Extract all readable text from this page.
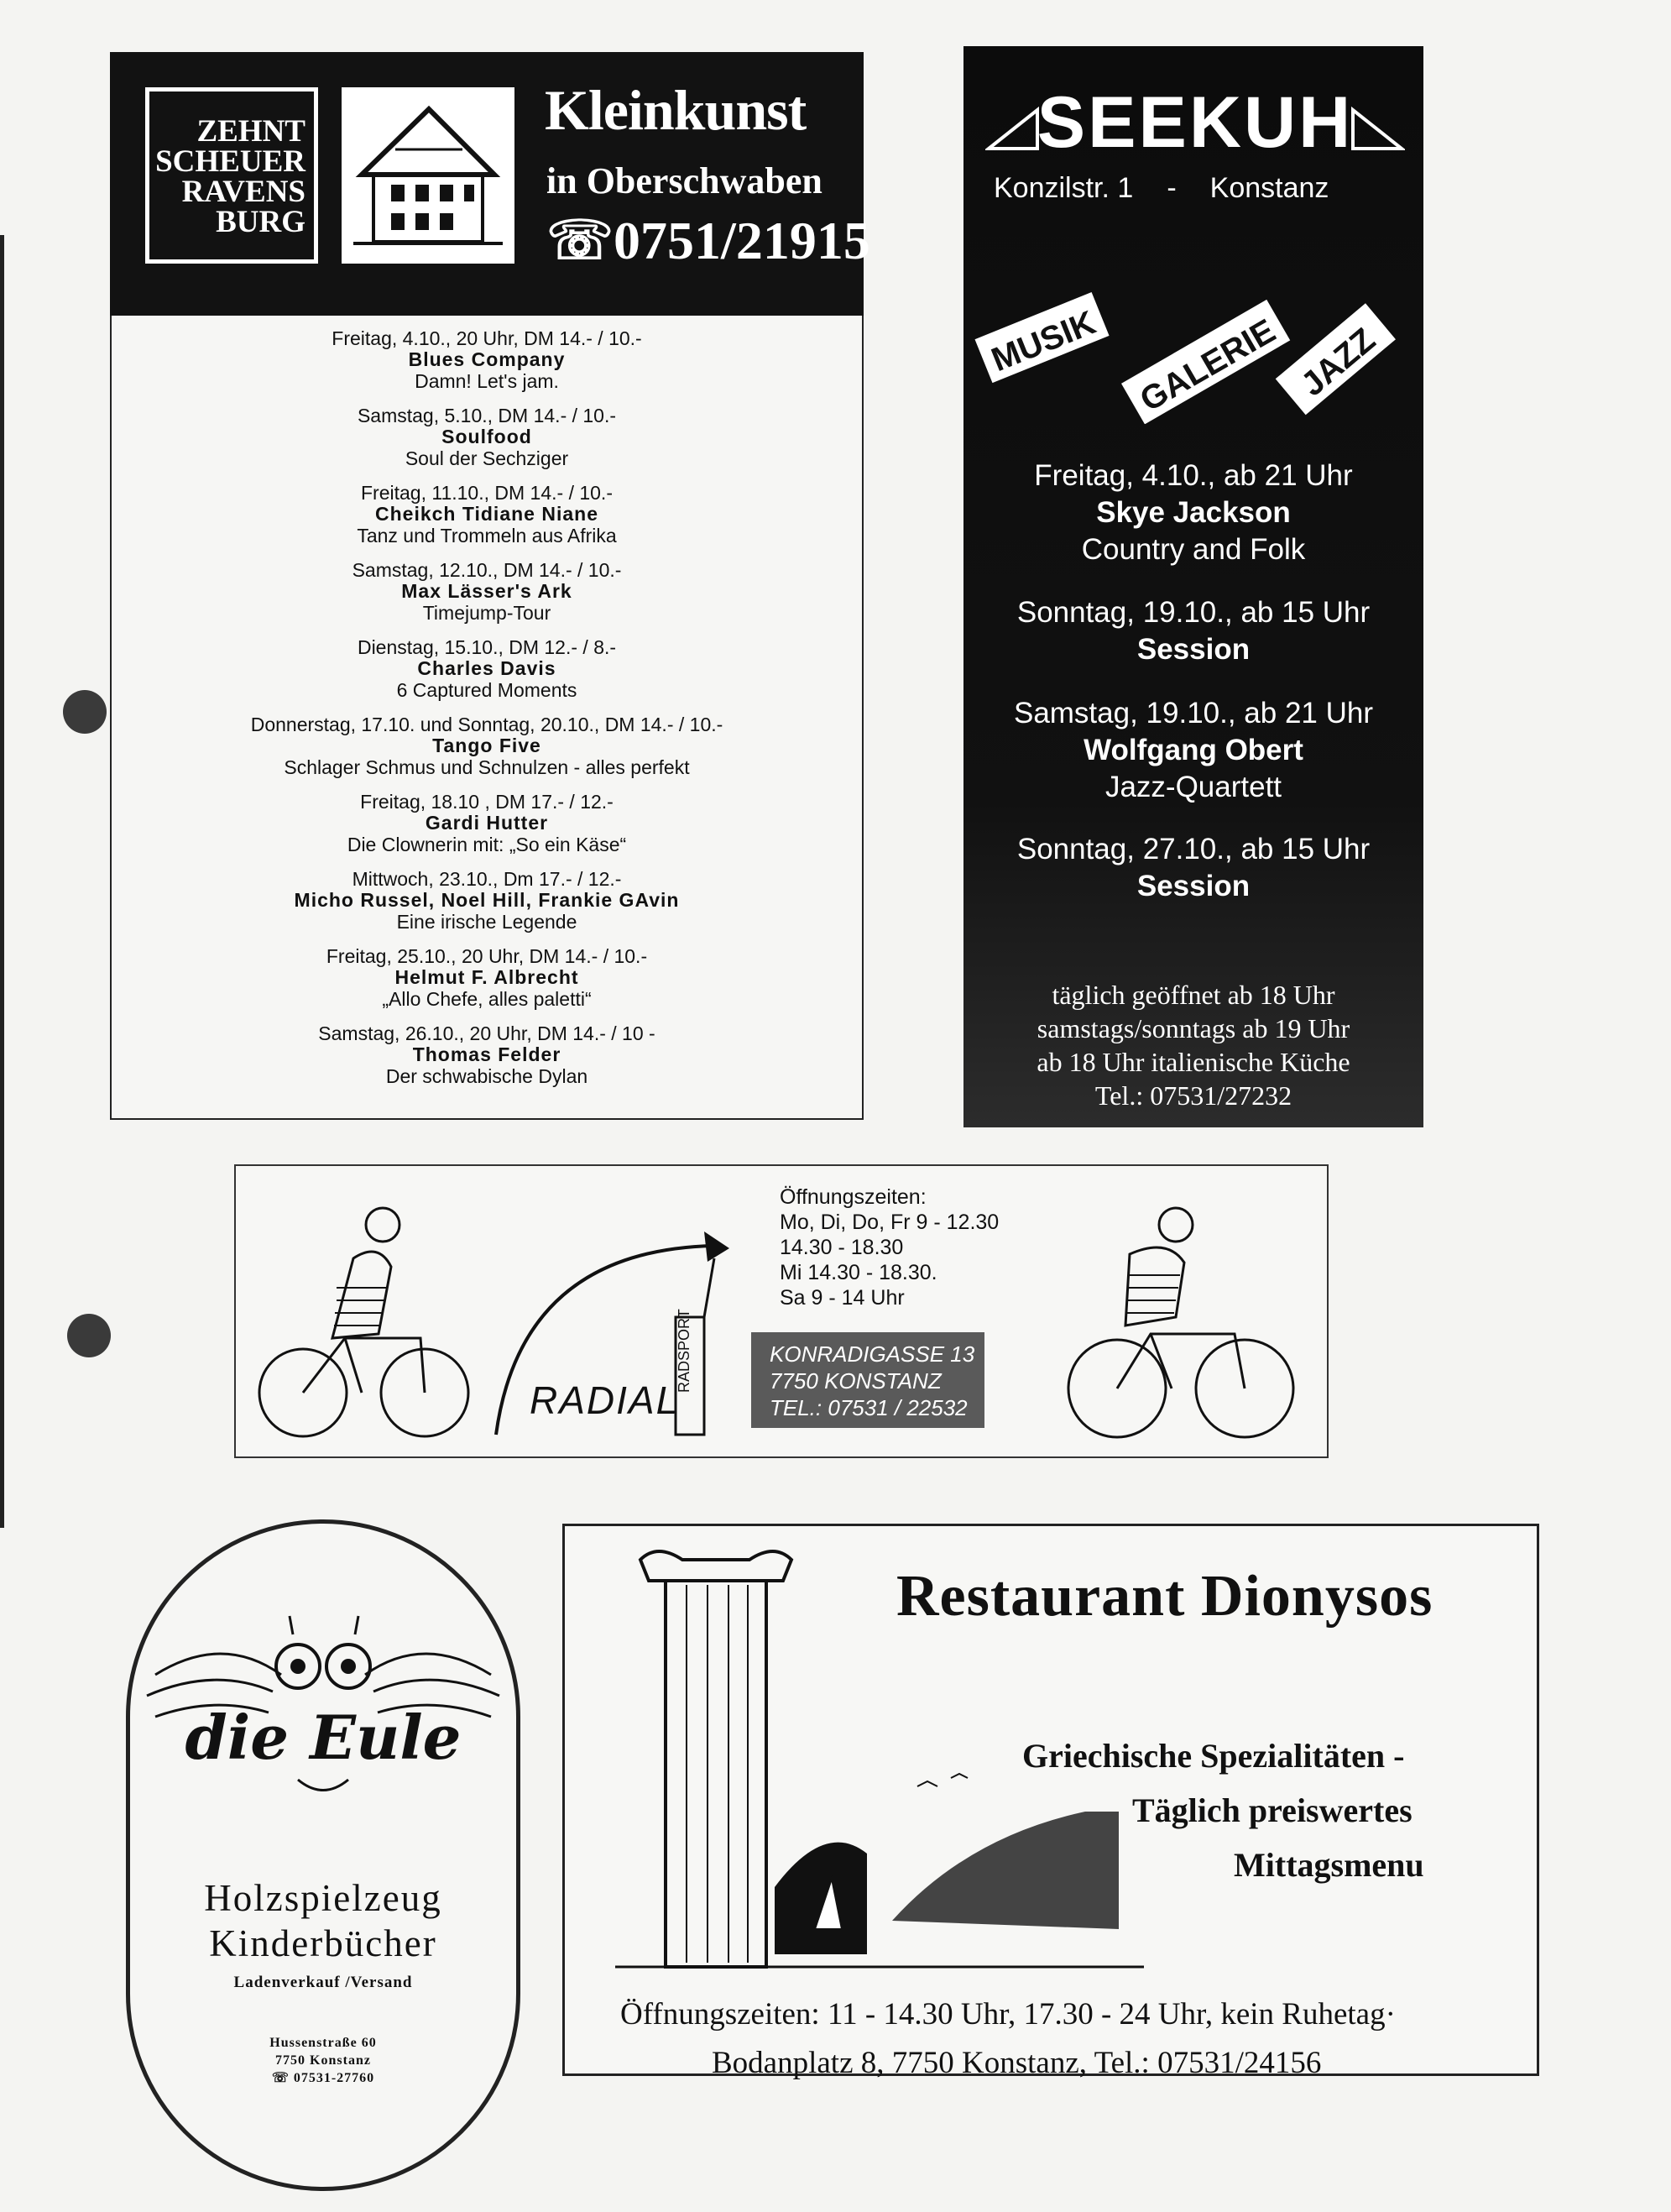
ZEHNT
SCHEUER
RAVENS
BURG
Kleinkunst
in Oberschwaben
☏0751/21915
Freitag, 4.10., 20 Uhr, DM 14.- / 10.-
Blues Company
Damn! Let's jam.
Samstag, 5.10., DM 14.- / 10.-
Soulfood
Soul der Sechziger
Freitag, 11.10., DM 14.- / 10.-
Cheikch Tidiane Niane
Tanz und Trommeln aus Afrika
Samstag, 12.10., DM 14.- / 10.-
Max Lässer's Ark
Timejump-Tour
Dienstag, 15.10., DM 12.- / 8.-
Charles Davis
6 Captured Moments
Donnerstag, 17.10. und Sonntag, 20.10., DM 14.- / 10.-
Tango Five
Schlager Schmus und Schnulzen - alles perfekt
Freitag, 18.10 , DM 17.- / 12.-
Gardi Hutter
Die Clownerin mit: „So ein Käse“
Mittwoch, 23.10., Dm 17.- / 12.-
Micho Russel, Noel Hill, Frankie GAvin
Eine irische Legende
Freitag, 25.10., 20 Uhr, DM 14.- / 10.-
Helmut F. Albrecht
„Allo Chefe, alles paletti“
Samstag, 26.10., 20 Uhr, DM 14.- / 10 -
Thomas Felder
Der schwabische Dylan
SEEKUH
Konzilstr. 1 - Konstanz
MUSIK GALERIE JAZZ
Freitag, 4.10., ab 21 Uhr
Skye Jackson
Country and Folk
Sonntag, 19.10., ab 15 Uhr
Session
Samstag, 19.10., ab 21 Uhr
Wolfgang Obert
Jazz-Quartett
Sonntag, 27.10., ab 15 Uhr
Session
täglich geöffnet ab 18 Uhr
samstags/sonntags ab 19 Uhr
ab 18 Uhr italienische Küche
Tel.: 07531/27232
RADSPORT
RADIAL
Öffnungszeiten:
Mo, Di, Do, Fr 9 - 12.30
14.30 - 18.30
Mi 14.30 - 18.30.
Sa 9 - 14 Uhr
KONRADIGASSE 13
7750 KONSTANZ
TEL.: 07531 / 22532
die Eule
Holzspielzeug
Kinderbücher
Ladenverkauf /Versand
Hussenstraße 60
7750 Konstanz
☏ 07531-27760
Restaurant Dionysos
Griechische Spezialitäten -
Täglich preiswertes
Mittagsmenu
Öffnungszeiten: 11 - 14.30 Uhr, 17.30 - 24 Uhr, kein Ruhetag·
Bodanplatz 8, 7750 Konstanz, Tel.: 07531/24156
